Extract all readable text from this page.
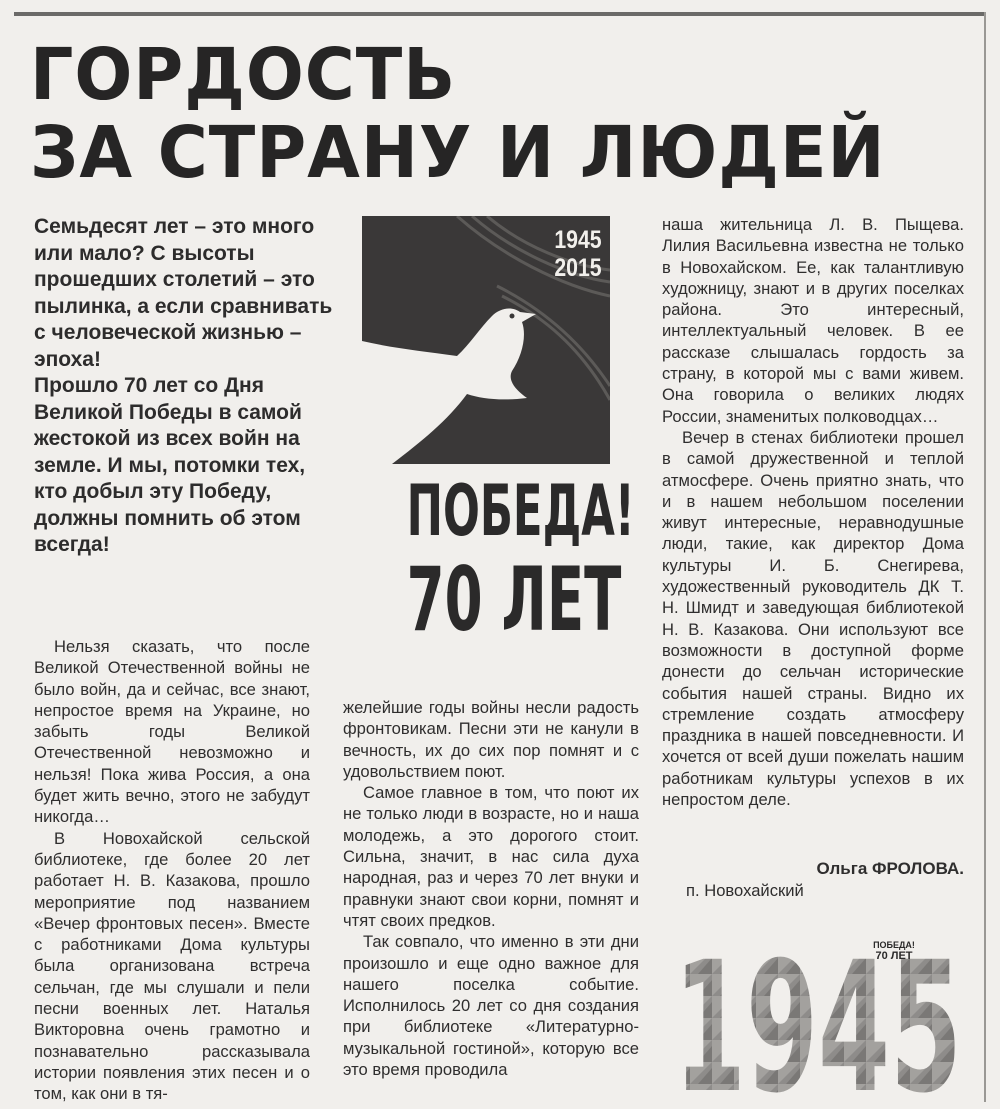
ГОРДОСТЬ
ЗА СТРАНУ И ЛЮДЕЙ

Семьдесят лет – это много или мало? С высоты прошедших столетий – это пылинка, а если сравнивать с человеческой жизнью – эпоха!

Прошло 70 лет со Дня Великой Победы в самой жестокой из всех войн на земле. И мы, потомки тех, кто добыл эту Победу, должны помнить об этом всегда!

1945
2015
ПОБЕДА!
70 ЛЕТ

Нельзя сказать, что после Великой Отечественной войны не было войн, да и сейчас, все знают, непростое время на Украине, но забыть годы Великой Отечественной невозможно и нельзя! Пока жива Россия, а она будет жить вечно, этого не забудут никогда…

В Новохайской сельской библиотеке, где более 20 лет работает Н. В. Казакова, прошло мероприятие под названием «Вечер фронтовых песен». Вместе с работниками Дома культуры была организована встреча сельчан, где мы слушали и пели песни военных лет. Наталья Викторовна очень грамотно и познавательно рассказывала истории появления этих песен и о том, как они в тя-

желейшие годы войны несли радость фронтовикам. Песни эти не канули в вечность, их до сих пор помнят и с удовольствием поют.

Самое главное в том, что поют их не только люди в возрасте, но и наша молодежь, а это дорогого стоит. Сильна, значит, в нас сила духа народная, раз и через 70 лет внуки и правнуки знают свои корни, помнят и чтят своих предков.

Так совпало, что именно в эти дни произошло и еще одно важное для нашего поселка событие. Исполнилось 20 лет со дня создания при библиотеке «Литературно-музыкальной гостиной», которую все это время проводила

наша жительница Л. В. Пыщева. Лилия Васильевна известна не только в Новохайском. Ее, как талантливую художницу, знают и в других поселках района. Это интересный, интеллектуальный человек. В ее рассказе слышалась гордость за страну, в которой мы с вами живем. Она говорила о великих людях России, знаменитых полководцах…

Вечер в стенах библиотеки прошел в самой дружественной и теплой атмосфере. Очень приятно знать, что и в нашем небольшом поселении живут интересные, неравнодушные люди, такие, как директор Дома культуры И. Б. Снегирева, художественный руководитель ДК Т. Н. Шмидт и заведующая библиотекой Н. В. Казакова. Они используют все возможности в доступной форме донести до сельчан исторические события нашей страны. Видно их стремление создать атмосферу праздника в нашей повседневности. И хочется от всей души пожелать нашим работникам культуры успехов в их непростом деле.

Ольга ФРОЛОВА.
п. Новохайский
1945
ПОБЕДА!
70 ЛЕТ
